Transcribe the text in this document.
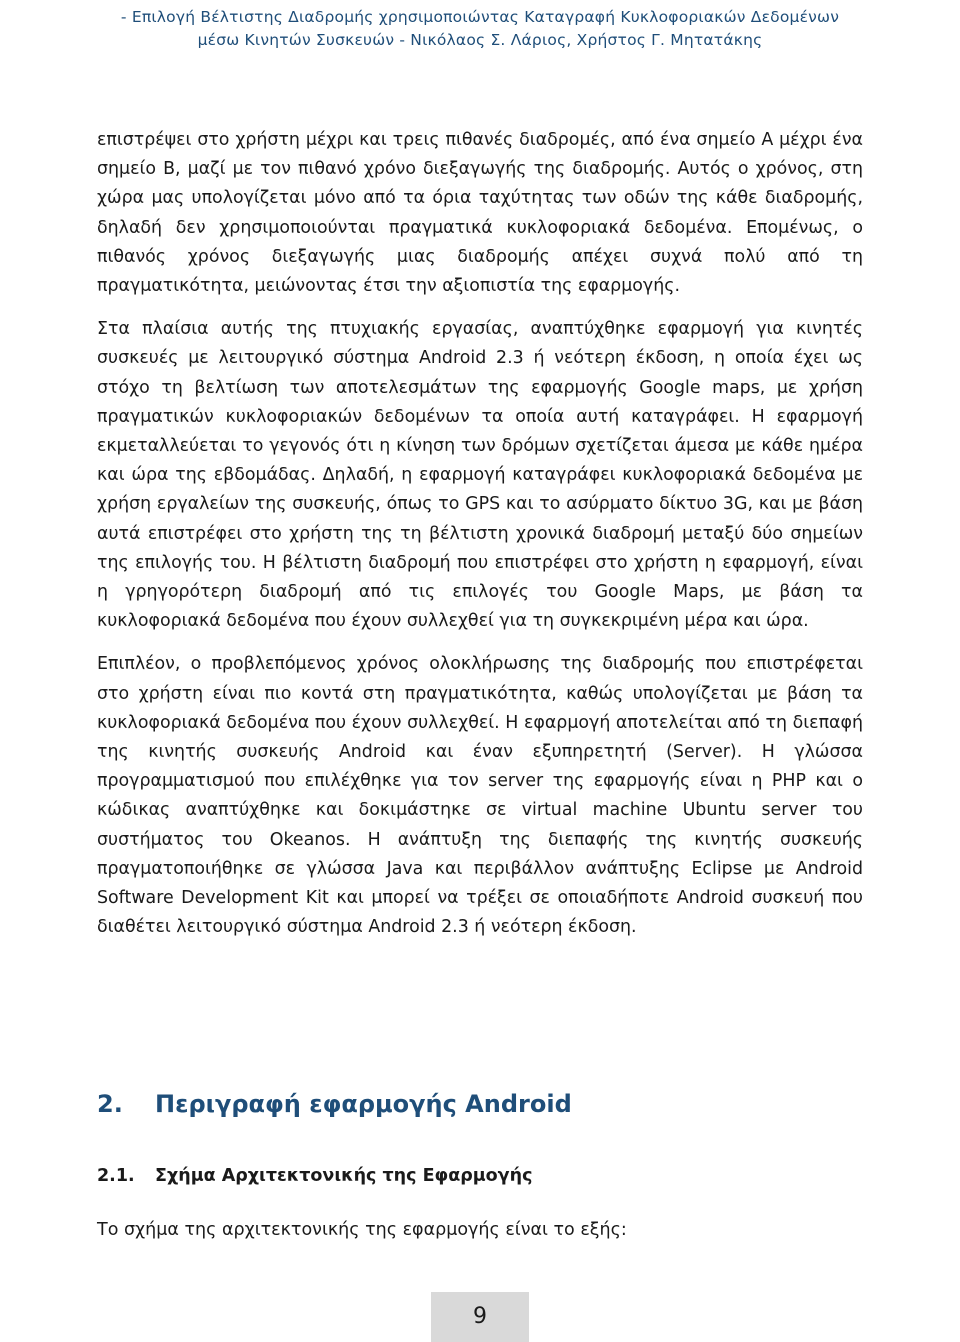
- Επιλογή Βέλτιστης Διαδρομής χρησιμοποιώντας Καταγραφή Κυκλοφοριακών Δεδομένων
μέσω Κινητών Συσκευών - Νικόλαος Σ. Λάριος, Χρήστος Γ. Μητατάκης

επιστρέψει στο χρήστη μέχρι και τρεις πιθανές διαδρομές, από ένα σημείο Α μέχρι ένα σημείο Β, μαζί με τον πιθανό χρόνο διεξαγωγής της διαδρομής. Αυτός ο χρόνος, στη χώρα μας υπολογίζεται μόνο από τα όρια ταχύτητας των οδών της κάθε διαδρομής, δηλαδή δεν χρησιμοποιούνται πραγματικά κυκλοφοριακά δεδομένα. Επομένως, ο πιθανός χρόνος διεξαγωγής μιας διαδρομής απέχει συχνά πολύ από τη πραγματικότητα, μειώνοντας έτσι την αξιοπιστία της εφαρμογής.

Στα πλαίσια αυτής της πτυχιακής εργασίας, αναπτύχθηκε εφαρμογή για κινητές συσκευές με λειτουργικό σύστημα Android 2.3 ή νεότερη έκδοση, η οποία έχει ως στόχο τη βελτίωση των αποτελεσμάτων της εφαρμογής Google maps, με χρήση πραγματικών κυκλοφοριακών δεδομένων τα οποία αυτή καταγράφει. Η εφαρμογή εκμεταλλεύεται το γεγονός ότι η κίνηση των δρόμων σχετίζεται άμεσα με κάθε ημέρα και ώρα της εβδομάδας. Δηλαδή, η εφαρμογή καταγράφει κυκλοφοριακά δεδομένα με χρήση εργαλείων της συσκευής, όπως το GPS και το ασύρματο δίκτυο 3G, και με βάση αυτά επιστρέφει στο χρήστη της τη βέλτιστη χρονικά διαδρομή μεταξύ δύο σημείων της επιλογής του. Η βέλτιστη διαδρομή που επιστρέφει στο χρήστη η εφαρμογή, είναι η γρηγορότερη διαδρομή από τις επιλογές του Google Maps, με βάση τα κυκλοφοριακά δεδομένα που έχουν συλλεχθεί για τη συγκεκριμένη μέρα και ώρα.

Επιπλέον, ο προβλεπόμενος χρόνος ολοκλήρωσης της διαδρομής που επιστρέφεται στο χρήστη είναι πιο κοντά στη πραγματικότητα, καθώς υπολογίζεται με βάση τα κυκλοφοριακά δεδομένα που έχουν συλλεχθεί. Η εφαρμογή αποτελείται από τη διεπαφή της κινητής συσκευής Android και έναν εξυπηρετητή (Server). Η γλώσσα προγραμματισμού που επιλέχθηκε για τον server της εφαρμογής είναι η PHP και ο κώδικας αναπτύχθηκε και δοκιμάστηκε σε virtual machine Ubuntu server του συστήματος του Okeanos. Η ανάπτυξη της διεπαφής της κινητής συσκευής πραγματοποιήθηκε σε γλώσσα Java και περιβάλλον ανάπτυξης Eclipse με Android Software Development Kit και μπορεί να τρέξει σε οποιαδήποτε Android συσκευή που διαθέτει λειτουργικό σύστημα Android 2.3 ή νεότερη έκδοση.

2. Περιγραφή εφαρμογής Android
2.1. Σχήμα Αρχιτεκτονικής της Εφαρμογής
Το σχήμα της αρχιτεκτονικής της εφαρμογής είναι το εξής:
9
